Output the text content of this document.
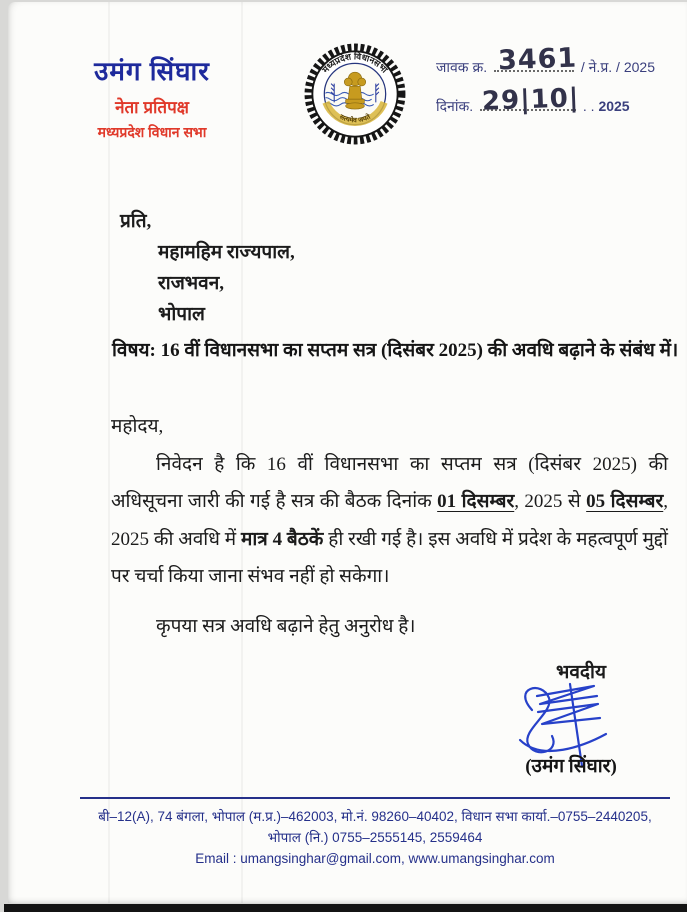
उमंग सिंघार
नेता प्रतिपक्ष
मध्यप्रदेश विधान सभा
मध्यप्रदेश विधानसभा
सत्यमेव जयते
जावक क्र. 3461 / ने.प्र. / 2025
दिनांक. 29|10| . . 2025
प्रति,
महामहिम राज्यपाल,
राजभवन,
भोपाल
विषय: 16 वीं विधानसभा का सप्तम सत्र (दिसंबर 2025) की अवधि बढ़ाने के संबंध में।
महोदय,

निवेदन है कि 16 वीं विधानसभा का सप्तम सत्र (दिसंबर 2025) की अधिसूचना जारी की गई है सत्र की बैठक दिनांक 01 दिसम्बर, 2025 से 05 दिसम्बर, 2025 की अवधि में मात्र 4 बैठकें ही रखी गई है। इस अवधि में प्रदेश के महत्वपूर्ण मुद्दों पर चर्चा किया जाना संभव नहीं हो सकेगा।

कृपया सत्र अवधि बढ़ाने हेतु अनुरोध है।

भवदीय
(उमंग सिंघार)
बी–12(A), 74 बंगला, भोपाल (म.प्र.)–462003, मो.नं. 98260–40402, विधान सभा कार्या.–0755–2440205,
भोपाल (नि.) 0755–2555145, 2559464
Email : umangsinghar@gmail.com, www.umangsinghar.com
